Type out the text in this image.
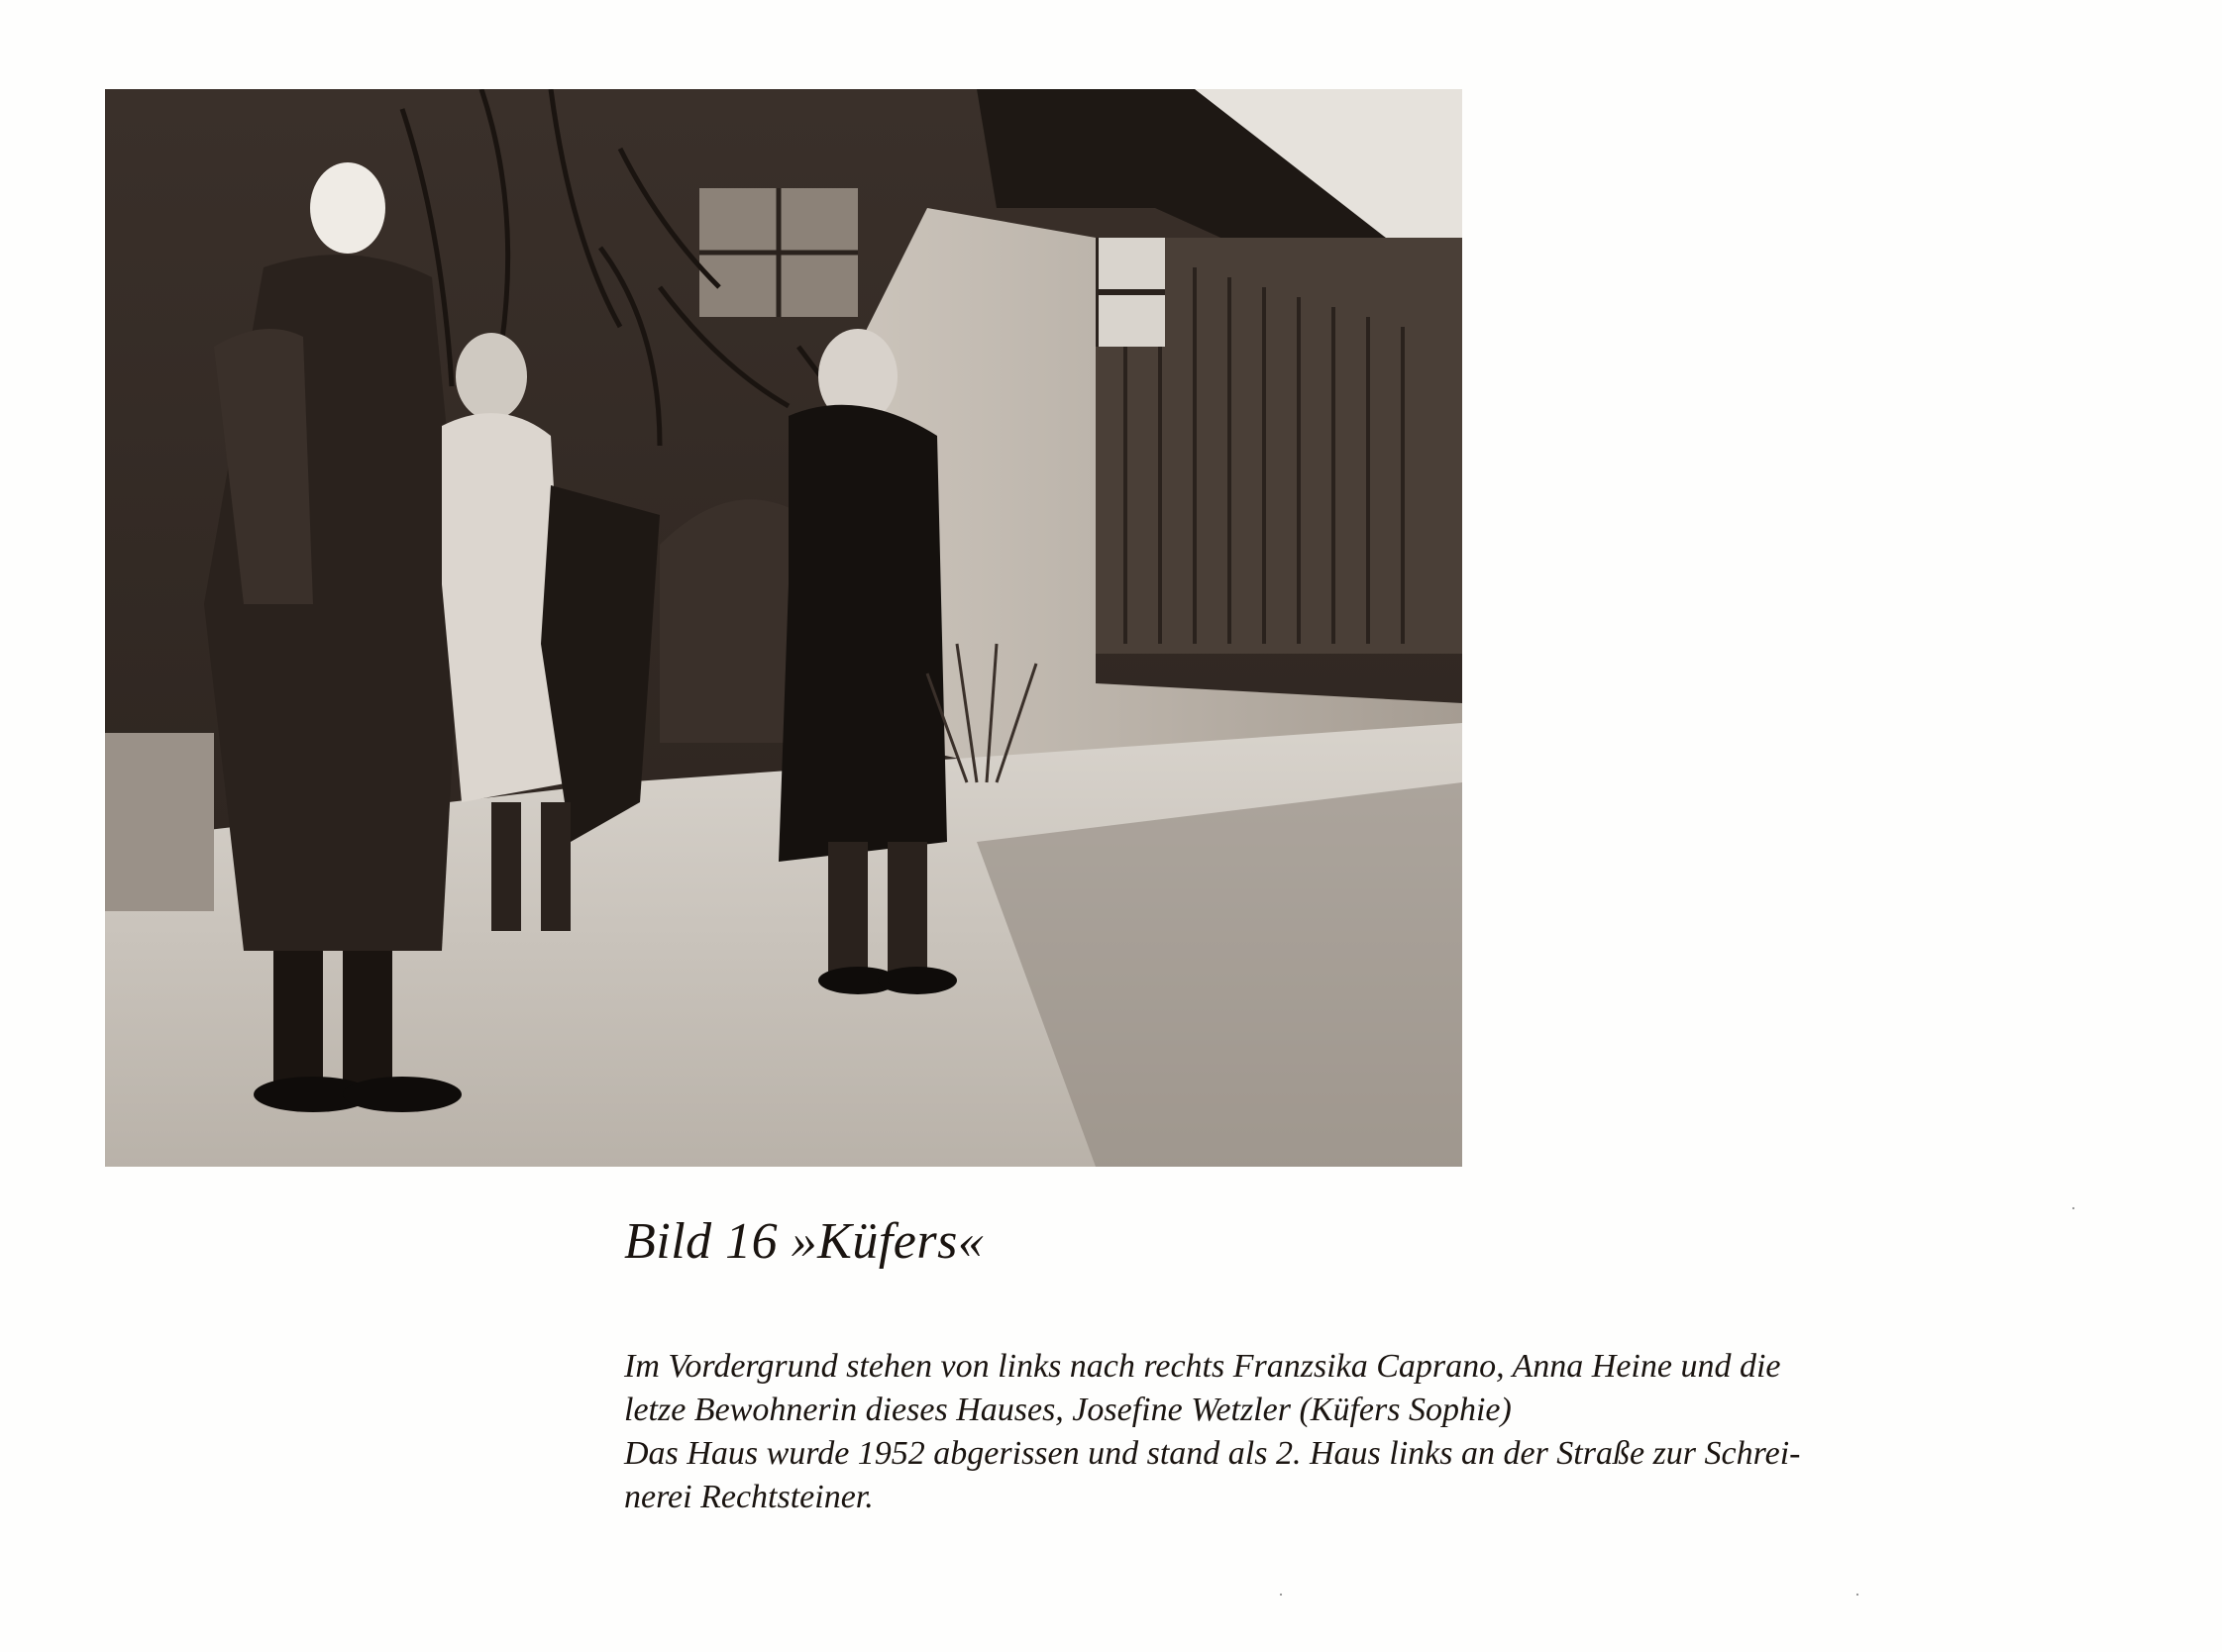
Bild 16 »Küfers«
Im Vordergrund stehen von links nach rechts Franzsika Caprano, Anna Heine und die
letze Bewohnerin dieses Hauses, Josefine Wetzler (Küfers Sophie)
Das Haus wurde 1952 abgerissen und stand als 2. Haus links an der Straße zur Schrei-
nerei Rechtsteiner.
·
·
·
